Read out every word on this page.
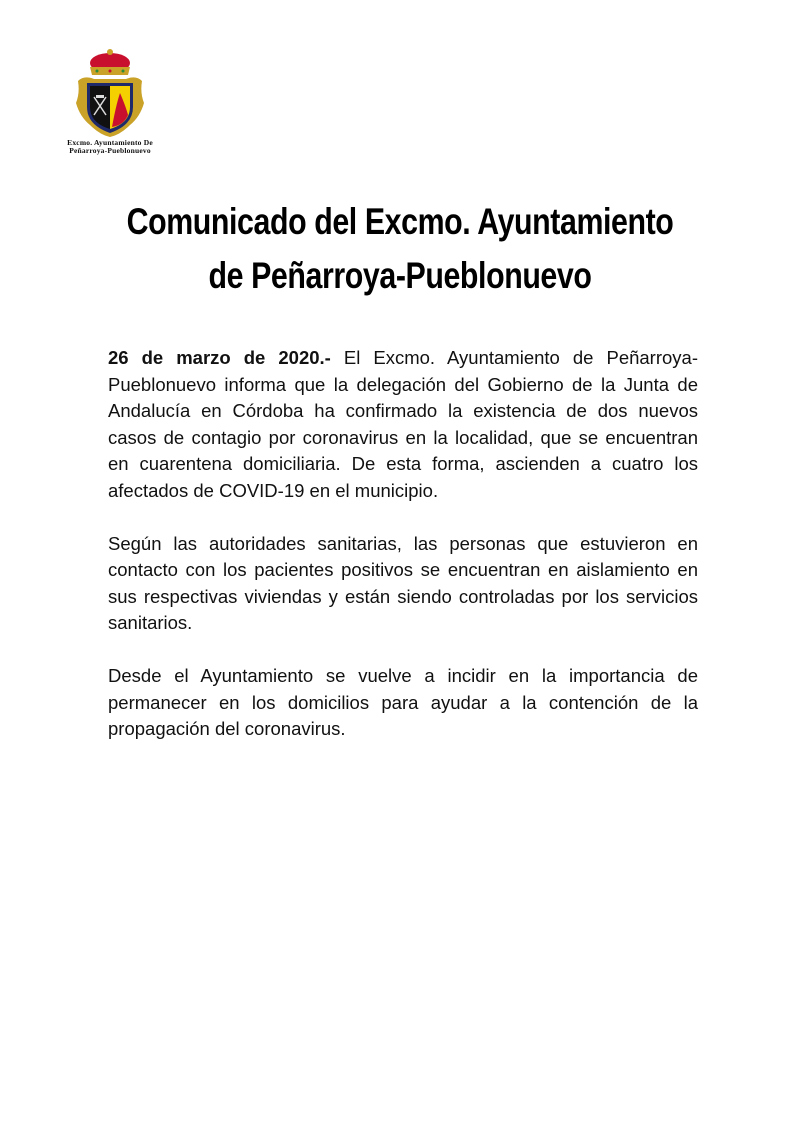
Excmo. Ayuntamiento De
Peñarroya-Pueblonuevo
Comunicado del Excmo. Ayuntamiento
de Peñarroya-Pueblonuevo

26 de marzo de 2020.- El Excmo. Ayuntamiento de Peñarroya-Pueblonuevo informa que la delegación del Gobierno de la Junta de Andalucía en Córdoba ha confirmado la existencia de dos nuevos casos de contagio por coronavirus en la localidad, que se encuentran en cuarentena domiciliaria. De esta forma, ascienden a cuatro los afectados de COVID-19 en el municipio.

Según las autoridades sanitarias, las personas que estuvieron en contacto con los pacientes positivos se encuentran en aislamiento en sus respectivas viviendas y están siendo controladas por los servicios sanitarios.

Desde el Ayuntamiento se vuelve a incidir en la importancia de permanecer en los domicilios para ayudar a la contención de la propagación del coronavirus.
